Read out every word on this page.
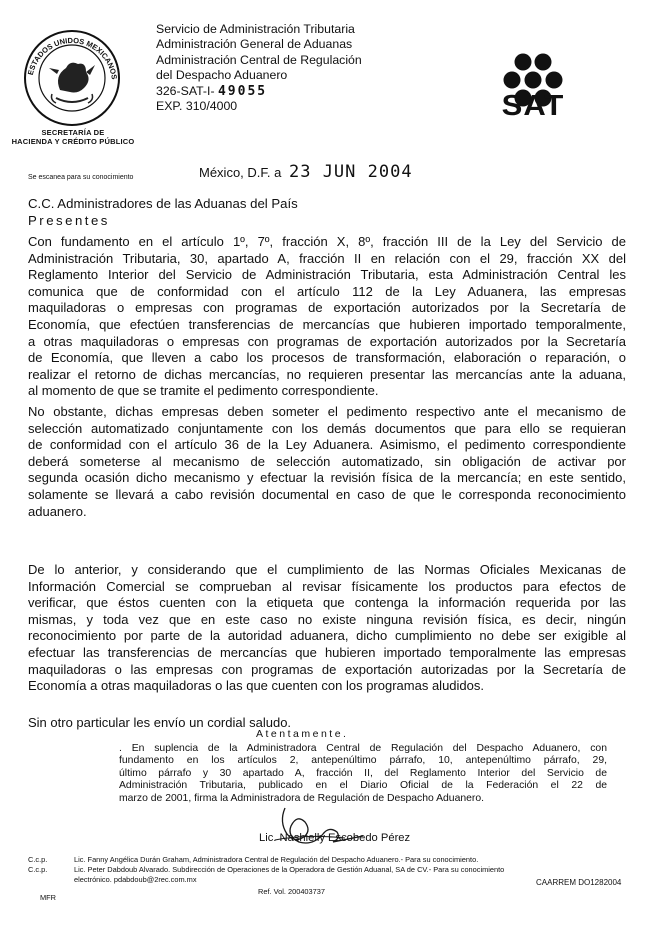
ESTADOS UNIDOS MEXICANOS
SECRETARÍA DE
HACIENDA Y CRÉDITO PÚBLICO
Servicio de Administración Tributaria
Administración General de Aduanas
Administración Central de Regulación
del Despacho Aduanero
326-SAT-I- 49055
EXP. 310/4000	SAT
Se escanea para su conocimiento	México, D.F. a 23 JUN 2004
C.C. Administradores de las Aduanas del País
Presentes
Con fundamento en el artículo 1º, 7º, fracción X, 8º, fracción III de la Ley del Servicio de
Administración Tributaria, 30, apartado A, fracción II en relación con el 29, fracción XX del
Reglamento Interior del Servicio de Administración Tributaria, esta Administración Central les
comunica que de conformidad con el artículo 112 de la Ley Aduanera, las empresas
maquiladoras o empresas con programas de exportación autorizados por la Secretaría de
Economía, que efectúen transferencias de mercancías que hubieren importado temporalmente,
a otras maquiladoras o empresas con programas de exportación autorizados por la Secretaría
de Economía, que lleven a cabo los procesos de transformación, elaboración o reparación, o
realizar el retorno de dichas mercancías, no requieren presentar las mercancías ante la aduana,
al momento de que se tramite el pedimento correspondiente.
No obstante, dichas empresas deben someter el pedimento respectivo ante el mecanismo de
selección automatizado conjuntamente con los demás documentos que para ello se requieran
de conformidad con el artículo 36 de la Ley Aduanera. Asimismo, el pedimento correspondiente
deberá someterse al mecanismo de selección automatizado, sin obligación de activar por
segunda ocasión dicho mecanismo y efectuar la revisión física de la mercancía; en este sentido,
solamente se llevará a cabo revisión documental en caso de que le corresponda reconocimiento
aduanero.
De lo anterior, y considerando que el cumplimiento de las Normas Oficiales Mexicanas de
Información Comercial se comprueban al revisar físicamente los productos para efectos de
verificar, que éstos cuenten con la etiqueta que contenga la información requerida por las
mismas, y toda vez que en este caso no existe ninguna revisión física, es decir, ningún
reconocimiento por parte de la autoridad aduanera, dicho cumplimiento no debe ser exigible al
efectuar las transferencias de mercancías que hubieren importado temporalmente las empresas
maquiladoras o las empresas con programas de exportación autorizadas por la Secretaría de
Economía a otras maquiladoras o las que cuenten con los programas aludidos.
Sin otro particular les envío un cordial saludo.
Atentamente.
. En suplencia de la Administradora Central de Regulación del Despacho Aduanero, con
fundamento en los artículos 2, antepenúltimo párrafo, 10, antepenúltimo párrafo, 29,
último párrafo y 30 apartado A, fracción II, del Reglamento Interior del Servicio de
Administración Tributaria, publicado en el Diario Oficial de la Federación el 22 de
marzo de 2001, firma la Administradora de Regulación de Despacho Aduanero.
Lic. Nashielly Escobedo Pérez
C.c.p.	Lic. Fanny Angélica Durán Graham, Administradora Central de Regulación del Despacho Aduanero.- Para su conocimiento.
C.c.p.	Lic. Peter Dabdoub Alvarado. Subdirección de Operaciones de la Operadora de Gestión Aduanal, SA de CV.- Para su conocimiento
electrónico. pdabdoub@2rec.com.mx
Ref. Vol. 200403737
CAARREM DO1282004
MFR
